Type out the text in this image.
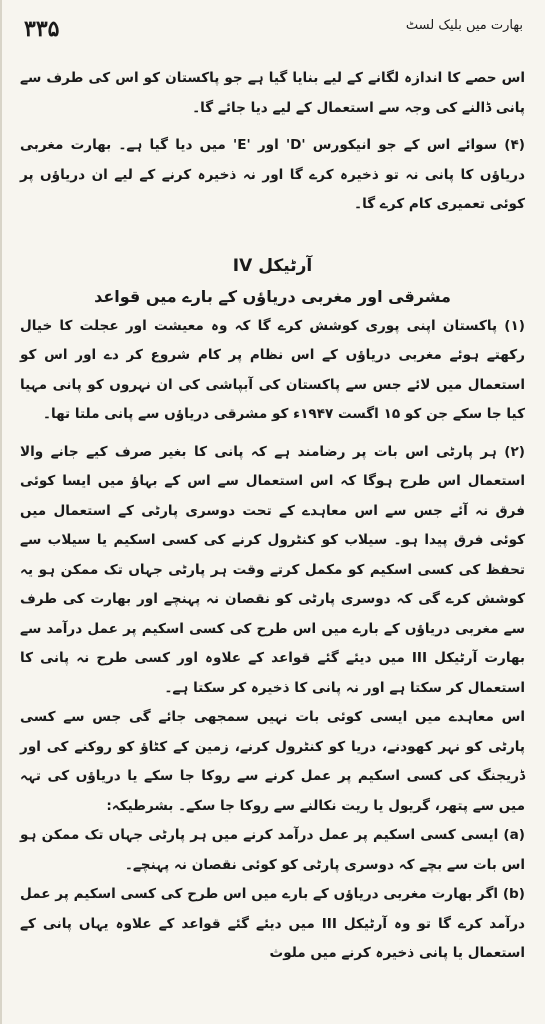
۳۳۵	بھارت میں بلیک لسٹ

اس حصے کا اندازہ لگانے کے لیے بنایا گیا ہے جو پاکستان کو اس کی طرف سے پانی ڈالنے کی وجہ سے استعمال کے لیے دیا جائے گا۔

(۴) سوائے اس کے جو انیکورس 'D' اور 'E' میں دیا گیا ہے۔ بھارت مغربی دریاؤں کا پانی نہ تو ذخیرہ کرے گا اور نہ ذخیرہ کرنے کے لیے ان دریاؤں پر کوئی تعمیری کام کرے گا۔

آرٹیکل IV

مشرقی اور مغربی دریاؤں کے بارے میں قواعد

(۱) پاکستان اپنی پوری کوشش کرے گا کہ وہ معیشت اور عجلت کا خیال رکھتے ہوئے مغربی دریاؤں کے اس نظام پر کام شروع کر دے اور اس کو استعمال میں لائے جس سے پاکستان کی آبپاشی کی ان نہروں کو پانی مہیا کیا جا سکے جن کو ۱۵ اگست ۱۹۴۷ء کو مشرقی دریاؤں سے پانی ملتا تھا۔

(۲) ہر پارٹی اس بات پر رضامند ہے کہ پانی کا بغیر صرف کیے جانے والا استعمال اس طرح ہوگا کہ اس استعمال سے اس کے بہاؤ میں ایسا کوئی فرق نہ آئے جس سے اس معاہدے کے تحت دوسری پارٹی کے استعمال میں کوئی فرق پیدا ہو۔ سیلاب کو کنٹرول کرنے کی کسی اسکیم یا سیلاب سے تحفظ کی کسی اسکیم کو مکمل کرتے وقت ہر پارٹی جہاں تک ممکن ہو یہ کوشش کرے گی کہ دوسری پارٹی کو نقصان نہ پہنچے اور بھارت کی طرف سے مغربی دریاؤں کے بارے میں اس طرح کی کسی اسکیم پر عمل درآمد سے بھارت آرٹیکل III میں دیئے گئے قواعد کے علاوہ اور کسی طرح نہ پانی کا استعمال کر سکتا ہے اور نہ پانی کا ذخیرہ کر سکتا ہے۔

اس معاہدے میں ایسی کوئی بات نہیں سمجھی جائے گی جس سے کسی پارٹی کو نہر کھودنے، دریا کو کنٹرول کرنے، زمین کے کٹاؤ کو روکنے کی اور ڈریجنگ کی کسی اسکیم پر عمل کرنے سے روکا جا سکے یا دریاؤں کی تہہ میں سے پتھر، گریول یا ریت نکالنے سے روکا جا سکے۔ بشرطیکہ:

(a) ایسی کسی اسکیم پر عمل درآمد کرنے میں ہر پارٹی جہاں تک ممکن ہو اس بات سے بچے کہ دوسری پارٹی کو کوئی نقصان نہ پہنچے۔

(b) اگر بھارت مغربی دریاؤں کے بارے میں اس طرح کی کسی اسکیم پر عمل درآمد کرے گا تو وہ آرٹیکل III میں دیئے گئے قواعد کے علاوہ یہاں پانی کے استعمال یا پانی ذخیرہ کرنے میں ملوث
